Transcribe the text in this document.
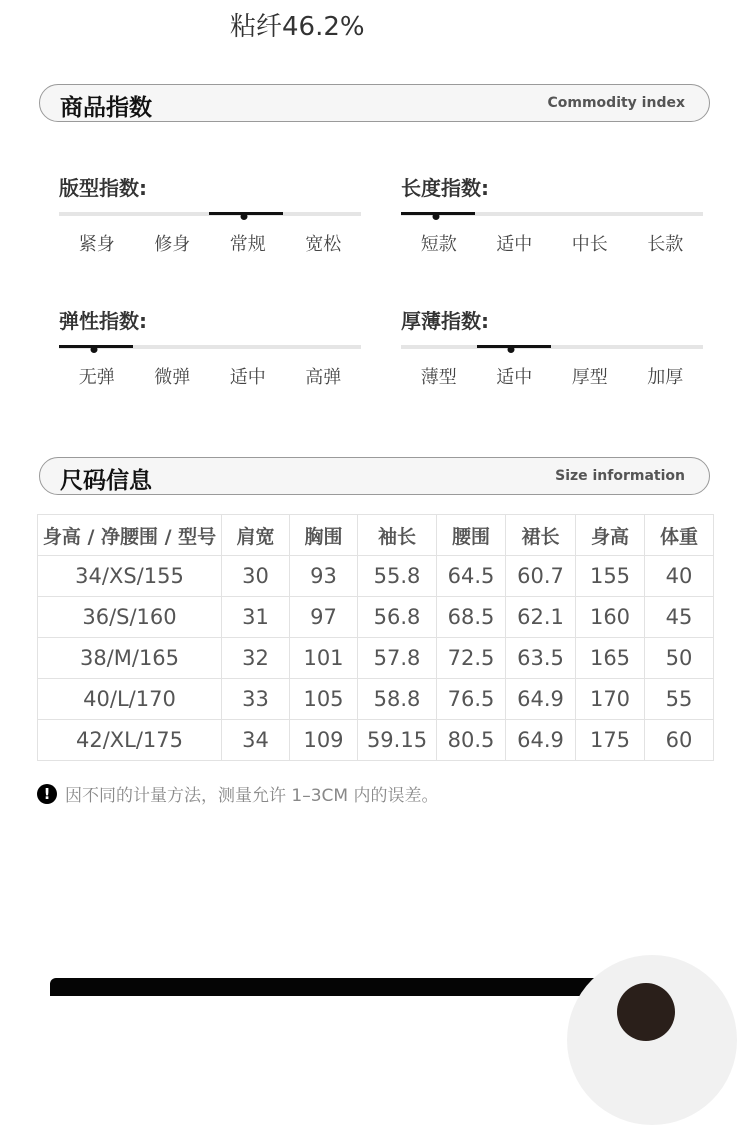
粘纤46.2%
商品指数	Commodity index
版型指数:
紧身	修身	常规	宽松
长度指数:
短款	适中	中长	长款
弹性指数:
无弹	微弹	适中	高弹
厚薄指数:
薄型	适中	厚型	加厚
尺码信息	Size information
身高 / 净腰围 / 型号	肩宽	胸围	袖长	腰围	裙长	身高	体重
34/XS/155	30	93	55.8	64.5	60.7	155	40
36/S/160	31	97	56.8	68.5	62.1	160	45
38/M/165	32	101	57.8	72.5	63.5	165	50
40/L/170	33	105	58.8	76.5	64.9	170	55
42/XL/175	34	109	59.15	80.5	64.9	175	60
! 因不同的计量方法，测量允许 1–3CM 内的误差。
